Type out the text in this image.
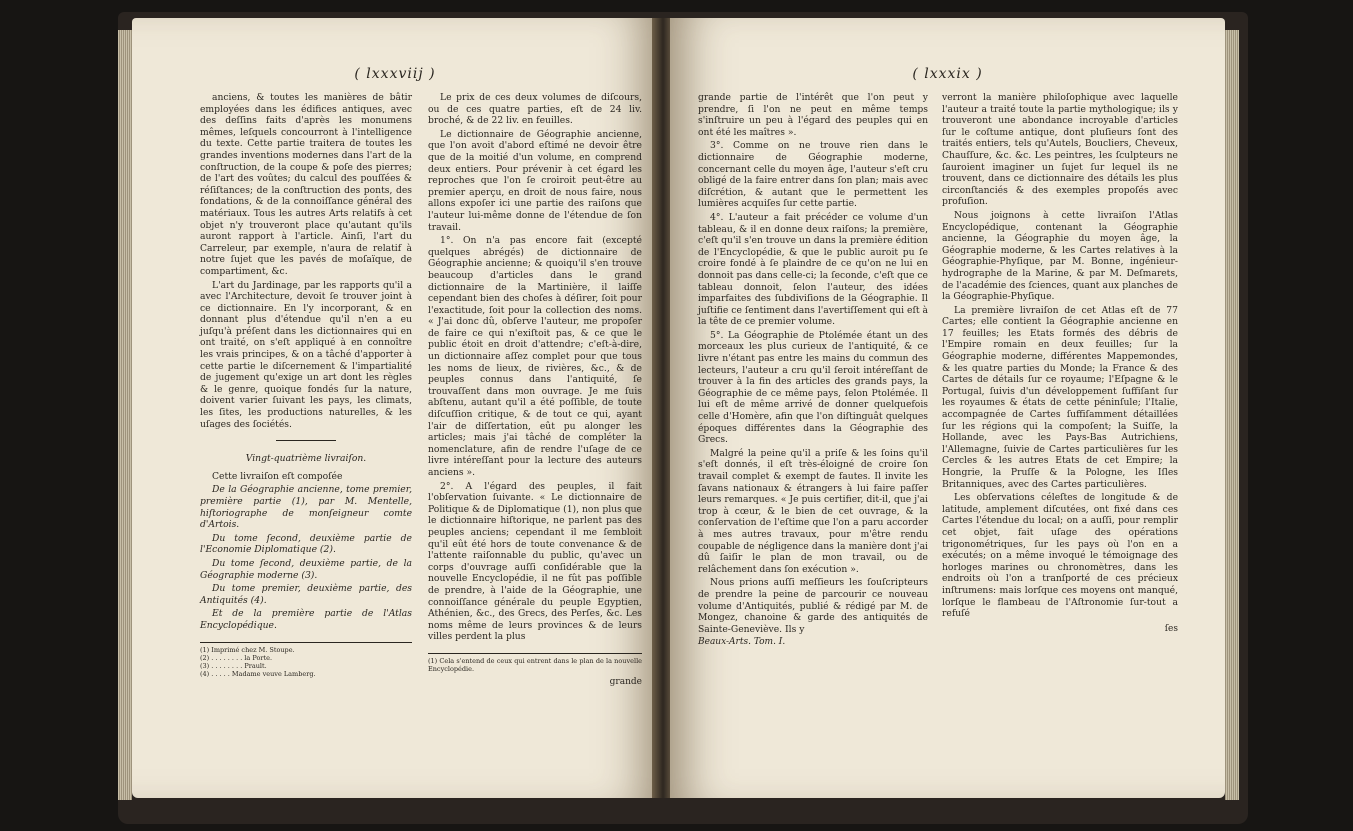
( lxxxviij )

anciens, & toutes les manières de bâtir employées dans les édifices antiques, avec des deſſins faits d'après les monumens mêmes, leſquels concourront à l'intelligence du texte. Cette partie traitera de toutes les grandes inventions modernes dans l'art de la conſtruction, de la coupe & poſe des pierres; de l'art des voûtes; du calcul des pouſſées & réſiſtances; de la conſtruction des ponts, des fondations, & de la connoiſſance général des matériaux. Tous les autres Arts relatifs à cet objet n'y trouveront place qu'autant qu'ils auront rapport à l'article. Ainſi, l'art du Carreleur, par exemple, n'aura de relatif à notre ſujet que les pavés de moſaïque, de compartiment, &c.

L'art du Jardinage, par les rapports qu'il a avec l'Architecture, devoit ſe trouver joint à ce dictionnaire. En l'y incorporant, & en donnant plus d'étendue qu'il n'en a eu juſqu'à préſent dans les dictionnaires qui en ont traité, on s'eſt appliqué à en connoître les vrais principes, & on a tâché d'apporter à cette partie le diſcernement & l'impartialité de jugement qu'exige un art dont les règles & le genre, quoique fondés ſur la nature, doivent varier ſuivant les pays, les climats, les ſites, les productions naturelles, & les uſages des ſociétés.

Vingt-quatrième livraiſon.

Cette livraiſon eſt compoſée

De la Géographie ancienne, tome premier, première partie (1), par M. Mentelle, hiſtoriographe de monſeigneur comte d'Artois.

Du tome ſecond, deuxième partie de l'Economie Diplomatique (2).

Du tome ſecond, deuxième partie, de la Géographie moderne (3).

Du tome premier, deuxième partie, des Antiquités (4).

Et de la première partie de l'Atlas Encyclopédique.

(1) Imprimé chez M. Stoupe.
(2) . . . . . . . . la Porte.
(3) . . . . . . . . Prault.
(4) . . . . . Madame veuve Lamberg.

Le prix de ces deux volumes de diſcours, ou de ces quatre parties, eſt de 24 liv. broché, & de 22 liv. en feuilles.

Le dictionnaire de Géographie ancienne, que l'on avoit d'abord eſtimé ne devoir être que de la moitié d'un volume, en comprend deux entiers. Pour prévenir à cet égard les reproches que l'on ſe croiroit peut-être au premier aperçu, en droit de nous faire, nous allons expoſer ici une partie des raiſons que l'auteur lui-même donne de l'étendue de ſon travail.

1°. On n'a pas encore fait (excepté quelques abrégés) de dictionnaire de Géographie ancienne; & quoiqu'il s'en trouve beaucoup d'articles dans le grand dictionnaire de la Martinière, il laiſſe cependant bien des choſes à déſirer, ſoit pour l'exactitude, ſoit pour la collection des noms. « J'ai donc dû, obſerve l'auteur, me propoſer de faire ce qui n'exiſtoit pas, & ce que le public étoit en droit d'attendre; c'eſt-à-dire, un dictionnaire aſſez complet pour que tous les noms de lieux, de rivières, &c., & de peuples connus dans l'antiquité, ſe trouvaſſent dans mon ouvrage. Je me ſuis abſtenu, autant qu'il a été poſſible, de toute diſcuſſion critique, & de tout ce qui, ayant l'air de diſſertation, eût pu alonger les articles; mais j'ai tâché de compléter la nomenclature, afin de rendre l'uſage de ce livre intéreſſant pour la lecture des auteurs anciens ».

2°. A l'égard des peuples, il fait l'obſervation ſuivante. « Le dictionnaire de Politique & de Diplomatique (1), non plus que le dictionnaire hiſtorique, ne parlent pas des peuples anciens; cependant il me ſembloit qu'il eût été hors de toute convenance & de l'attente raiſonnable du public, qu'avec un corps d'ouvrage auſſi conſidérable que la nouvelle Encyclopédie, il ne fût pas poſſible de prendre, à l'aide de la Géographie, une connoiſſance générale du peuple Egyptien, Athénien, &c., des Grecs, des Perſes, &c. Les noms même de leurs provinces & de leurs villes perdent la plus

(1) Cela s'entend de ceux qui entrent dans le plan de la nouvelle Encyclopédie.
grande
( lxxxix )

grande partie de l'intérêt que l'on peut y prendre, ſi l'on ne peut en même temps s'inſtruire un peu à l'égard des peuples qui en ont été les maîtres ».

3°. Comme on ne trouve rien dans le dictionnaire de Géographie moderne, concernant celle du moyen âge, l'auteur s'eſt cru obligé de la faire entrer dans ſon plan; mais avec diſcrétion, & autant que le permettent les lumières acquiſes ſur cette partie.

4°. L'auteur a fait précéder ce volume d'un tableau, & il en donne deux raiſons; la première, c'eſt qu'il s'en trouve un dans la première édition de l'Encyclopédie, & que le public auroit pu ſe croire fondé à ſe plaindre de ce qu'on ne lui en donnoit pas dans celle-ci; la ſeconde, c'eſt que ce tableau donnoit, ſelon l'auteur, des idées imparfaites des ſubdiviſions de la Géographie. Il juſtifie ce ſentiment dans l'avertiſſement qui eſt à la tête de ce premier volume.

5°. La Géographie de Ptolémée étant un des morceaux les plus curieux de l'antiquité, & ce livre n'étant pas entre les mains du commun des lecteurs, l'auteur a cru qu'il ſeroit intéreſſant de trouver à la fin des articles des grands pays, la Géographie de ce même pays, ſelon Ptolémée. Il lui eſt de même arrivé de donner quelquefois celle d'Homère, afin que l'on diſtinguât quelques époques différentes dans la Géographie des Grecs.

Malgré la peine qu'il a priſe & les ſoins qu'il s'eſt donnés, il eſt très-éloigné de croire ſon travail complet & exempt de fautes. Il invite les ſavans nationaux & étrangers à lui faire paſſer leurs remarques. « Je puis certifier, dit-il, que j'ai trop à cœur, & le bien de cet ouvrage, & la conſervation de l'eſtime que l'on a paru accorder à mes autres travaux, pour m'être rendu coupable de négligence dans la manière dont j'ai dû ſaiſir le plan de mon travail, ou de relâchement dans ſon exécution ».

Nous prions auſſi meſſieurs les ſouſcripteurs de prendre la peine de parcourir ce nouveau volume d'Antiquités, publié & rédigé par M. de Mongez, chanoine & garde des antiquités de Sainte-Geneviève. Ils y

Beaux-Arts. Tom. I.

verront la manière philoſophique avec laquelle l'auteur a traité toute la partie mythologique; ils y trouveront une abondance incroyable d'articles ſur le coſtume antique, dont pluſieurs ſont des traités entiers, tels qu'Autels, Boucliers, Cheveux, Chauſſure, &c. &c. Les peintres, les ſculpteurs ne ſauroient imaginer un ſujet ſur lequel ils ne trouvent, dans ce dictionnaire des détails les plus circonſtanciés & des exemples propoſés avec profuſion.

Nous joignons à cette livraiſon l'Atlas Encyclopédique, contenant la Géographie ancienne, la Géographie du moyen âge, la Géographie moderne, & les Cartes relatives à la Géographie-Phyſique, par M. Bonne, ingénieur-hydrographe de la Marine, & par M. Deſmarets, de l'académie des ſciences, quant aux planches de la Géographie-Phyſique.

La première livraiſon de cet Atlas eſt de 77 Cartes; elle contient la Géographie ancienne en 17 feuilles; les Etats formés des débris de l'Empire romain en deux feuilles; ſur la Géographie moderne, différentes Mappemondes, & les quatre parties du Monde; la France & des Cartes de détails ſur ce royaume; l'Eſpagne & le Portugal, ſuivis d'un développement ſuffiſant ſur les royaumes & états de cette péninſule; l'Italie, accompagnée de Cartes ſuffiſamment détaillées ſur les régions qui la compoſent; la Suiſſe, la Hollande, avec les Pays-Bas Autrichiens, l'Allemagne, ſuivie de Cartes particulières ſur les Cercles & les autres Etats de cet Empire; la Hongrie, la Pruſſe & la Pologne, les Iſles Britanniques, avec des Cartes particulières.

Les obſervations céleſtes de longitude & de latitude, amplement diſcutées, ont fixé dans ces Cartes l'étendue du local; on a auſſi, pour remplir cet objet, fait uſage des opérations trigonométriques, ſur les pays où l'on en a exécutés; on a même invoqué le témoignage des horloges marines ou chronomètres, dans les endroits où l'on a tranſporté de ces précieux inſtrumens: mais lorſque ces moyens ont manqué, lorſque le flambeau de l'Aſtronomie ſur-tout a refuſé

ſes
